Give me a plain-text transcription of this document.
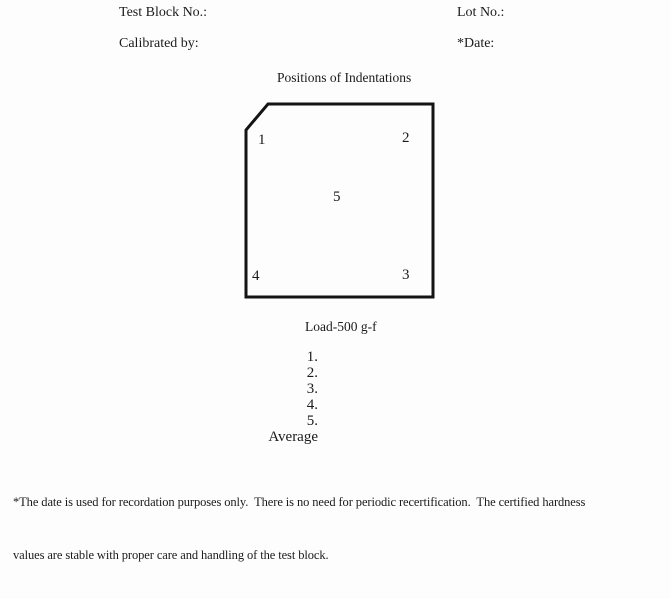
Test Block No.:	Lot No.:
Calibrated by:	*Date:
Positions of Indentations
1	2
3
4
5
Load-500 g-f
1.
2.
3.
4.
5.
Average

*The date is used for recordation purposes only.  There is no need for periodic recertification.  The certified hardness

values are stable with proper care and handling of the test block.
